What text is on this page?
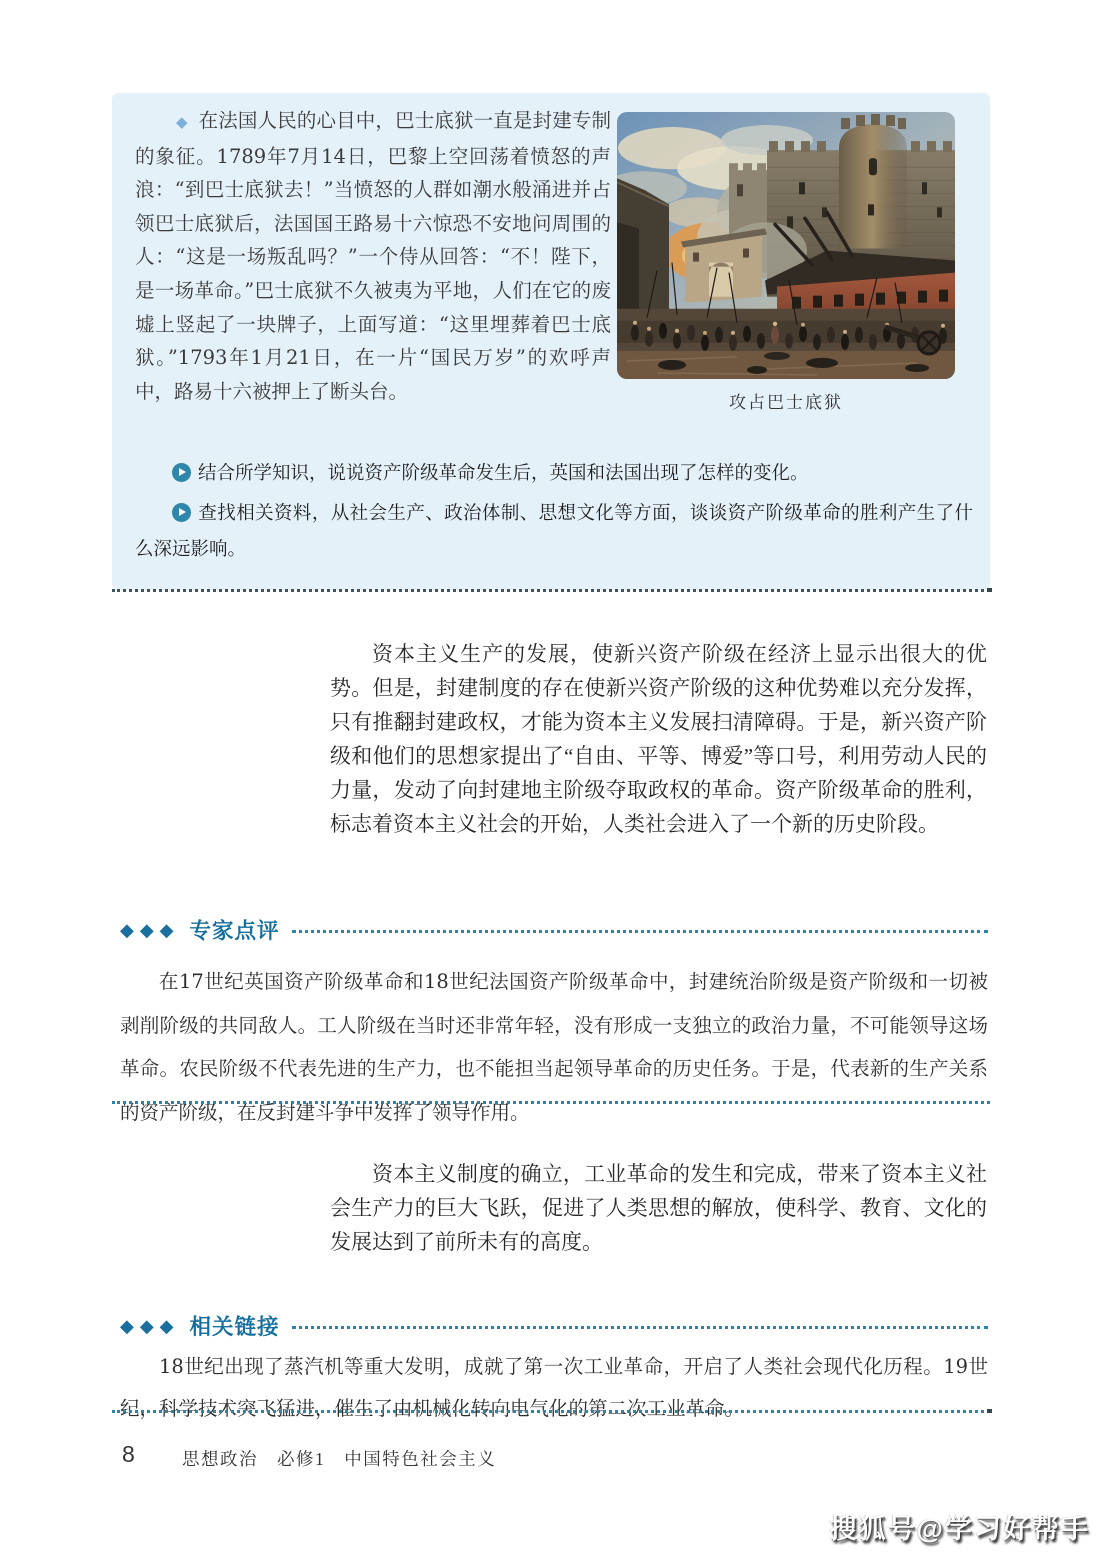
◆ 在法国人民的心目中，巴士底狱一直是封建专制的象征。1789年7月14日，巴黎上空回荡着愤怒的声浪：“到巴士底狱去！”当愤怒的人群如潮水般涌进并占领巴士底狱后，法国国王路易十六惊恐不安地问周围的人：“这是一场叛乱吗？”一个侍从回答：“不！陛下，是一场革命。”巴士底狱不久被夷为平地，人们在它的废墟上竖起了一块牌子，上面写道：“这里埋葬着巴士底狱。”1793年1月21日，在一片“国民万岁”的欢呼声中，路易十六被押上了断头台。	攻占巴士底狱
结合所学知识，说说资产阶级革命发生后，英国和法国出现了怎样的变化。
查找相关资料，从社会生产、政治体制、思想文化等方面，谈谈资产阶级革命的胜利产生了什么深远影响。

资本主义生产的发展，使新兴资产阶级在经济上显示出很大的优势。但是，封建制度的存在使新兴资产阶级的这种优势难以充分发挥，只有推翻封建政权，才能为资本主义发展扫清障碍。于是，新兴资产阶级和他们的思想家提出了“自由、平等、博爱”等口号，利用劳动人民的力量，发动了向封建地主阶级夺取政权的革命。资产阶级革命的胜利，标志着资本主义社会的开始，人类社会进入了一个新的历史阶段。

◆◆◆ 专家点评

在17世纪英国资产阶级革命和18世纪法国资产阶级革命中，封建统治阶级是资产阶级和一切被剥削阶级的共同敌人。工人阶级在当时还非常年轻，没有形成一支独立的政治力量，不可能领导这场革命。农民阶级不代表先进的生产力，也不能担当起领导革命的历史任务。于是，代表新的生产关系的资产阶级，在反封建斗争中发挥了领导作用。

资本主义制度的确立，工业革命的发生和完成，带来了资本主义社会生产力的巨大飞跃，促进了人类思想的解放，使科学、教育、文化的发展达到了前所未有的高度。

◆◆◆ 相关链接

18世纪出现了蒸汽机等重大发明，成就了第一次工业革命，开启了人类社会现代化历程。19世纪，科学技术突飞猛进，催生了由机械化转向电气化的第二次工业革命。

8	思想政治　必修1　中国特色社会主义
搜狐号@学习好帮手
